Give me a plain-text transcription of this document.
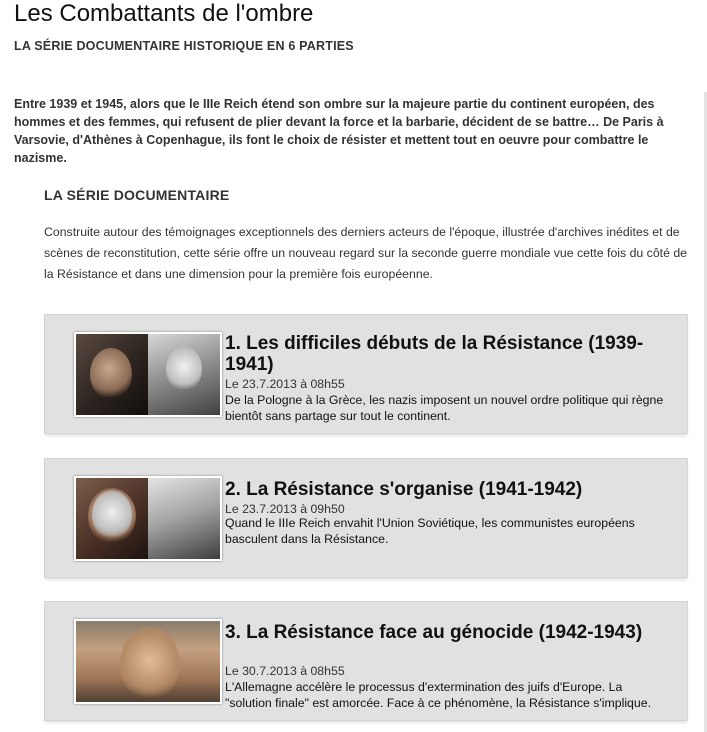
Les Combattants de l'ombre
LA SÉRIE DOCUMENTAIRE HISTORIQUE EN 6 PARTIES

Entre 1939 et 1945, alors que le IIIe Reich étend son ombre sur la majeure partie du continent européen, des hommes et des femmes, qui refusent de plier devant la force et la barbarie, décident de se battre… De Paris à Varsovie, d'Athènes à Copenhague, ils font le choix de résister et mettent tout en oeuvre pour combattre le nazisme.

LA SÉRIE DOCUMENTAIRE

Construite autour des témoignages exceptionnels des derniers acteurs de l'époque, illustrée d'archives inédites et de scènes de reconstitution, cette série offre un nouveau regard sur la seconde guerre mondiale vue cette fois du côté de la Résistance et dans une dimension pour la première fois européenne.

1. Les difficiles débuts de la Résistance (1939-1941)
Le 23.7.2013 à 08h55

De la Pologne à la Grèce, les nazis imposent un nouvel ordre politique qui règne bientôt sans partage sur tout le continent.

2. La Résistance s'organise (1941-1942)
Le 23.7.2013 à 09h50

Quand le IIIe Reich envahit l'Union Soviétique, les communistes européens basculent dans la Résistance.

3. La Résistance face au génocide (1942-1943)
Le 30.7.2013 à 08h55

L'Allemagne accélère le processus d'extermination des juifs d'Europe. La "solution finale" est amorcée. Face à ce phénomène, la Résistance s'implique.
